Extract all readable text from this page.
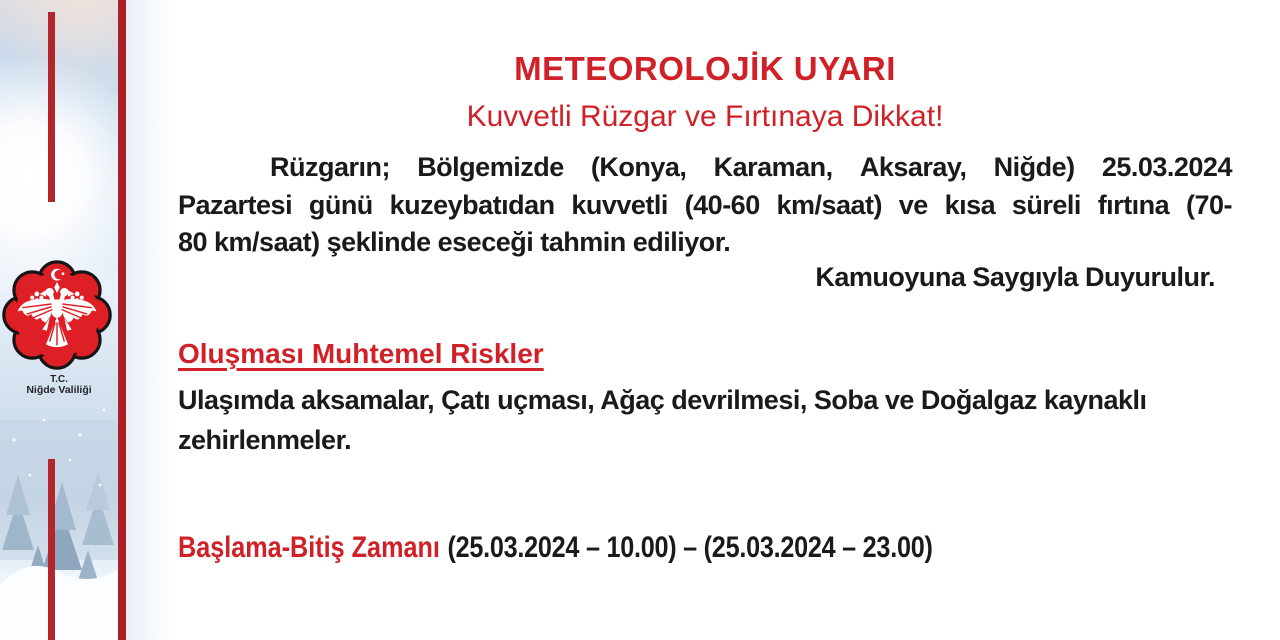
T.C.
Niğde Valiliği
METEOROLOJİK UYARI
Kuvvetli Rüzgar ve Fırtınaya Dikkat!
Rüzgarın; Bölgemizde (Konya, Karaman, Aksaray, Niğde) 25.03.2024
Pazartesi günü kuzeybatıdan kuvvetli (40-60 km/saat) ve kısa süreli fırtına (70-
80 km/saat) şeklinde eseceği tahmin ediliyor.
Kamuoyuna Saygıyla Duyurulur.
Oluşması Muhtemel Riskler
Ulaşımda aksamalar, Çatı uçması, Ağaç devrilmesi, Soba ve Doğalgaz kaynaklı
zehirlenmeler.
Başlama-Bitiş Zamanı (25.03.2024 – 10.00) – (25.03.2024 – 23.00)
